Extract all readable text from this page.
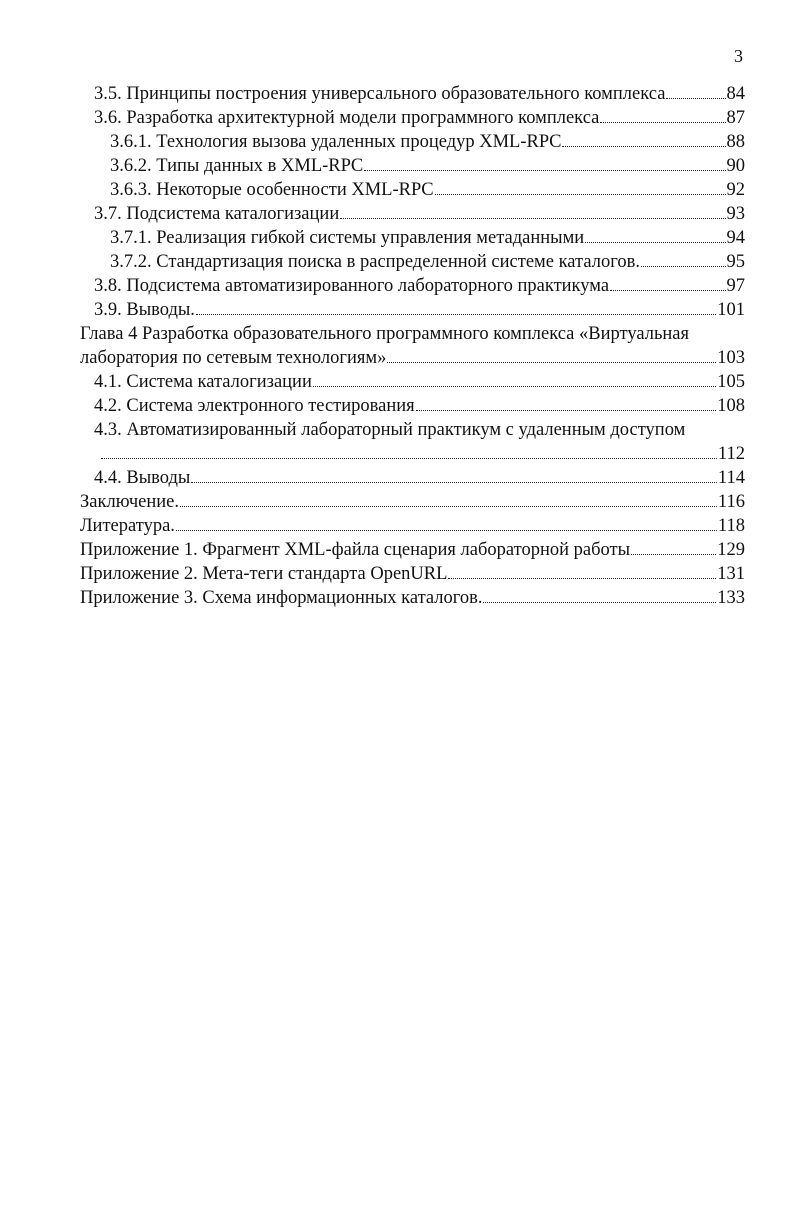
3
3.5. Принципы построения универсального образовательного комплекса	84
3.6. Разработка архитектурной модели программного комплекса	87
3.6.1. Технология вызова удаленных процедур XML-RPC	88
3.6.2. Типы данных в XML-RPC	90
3.6.3. Некоторые особенности XML-RPC	92
3.7. Подсистема каталогизации	93
3.7.1. Реализация гибкой системы управления метаданными	94
3.7.2. Стандартизация поиска в распределенной системе каталогов.	95
3.8. Подсистема автоматизированного лабораторного практикума	97
3.9. Выводы.	101
Глава 4 Разработка образовательного программного комплекса «Виртуальная
лаборатория по сетевым технологиям»	103
4.1. Система каталогизации	105
4.2. Система электронного тестирования	108
4.3. Автоматизированный лабораторный практикум с удаленным доступом
112
4.4. Выводы	114
Заключение.	116
Литература.	118
Приложение 1. Фрагмент XML-файла сценария лабораторной работы	129
Приложение 2. Мета-теги стандарта OpenURL	131
Приложение 3. Схема информационных каталогов.	133
